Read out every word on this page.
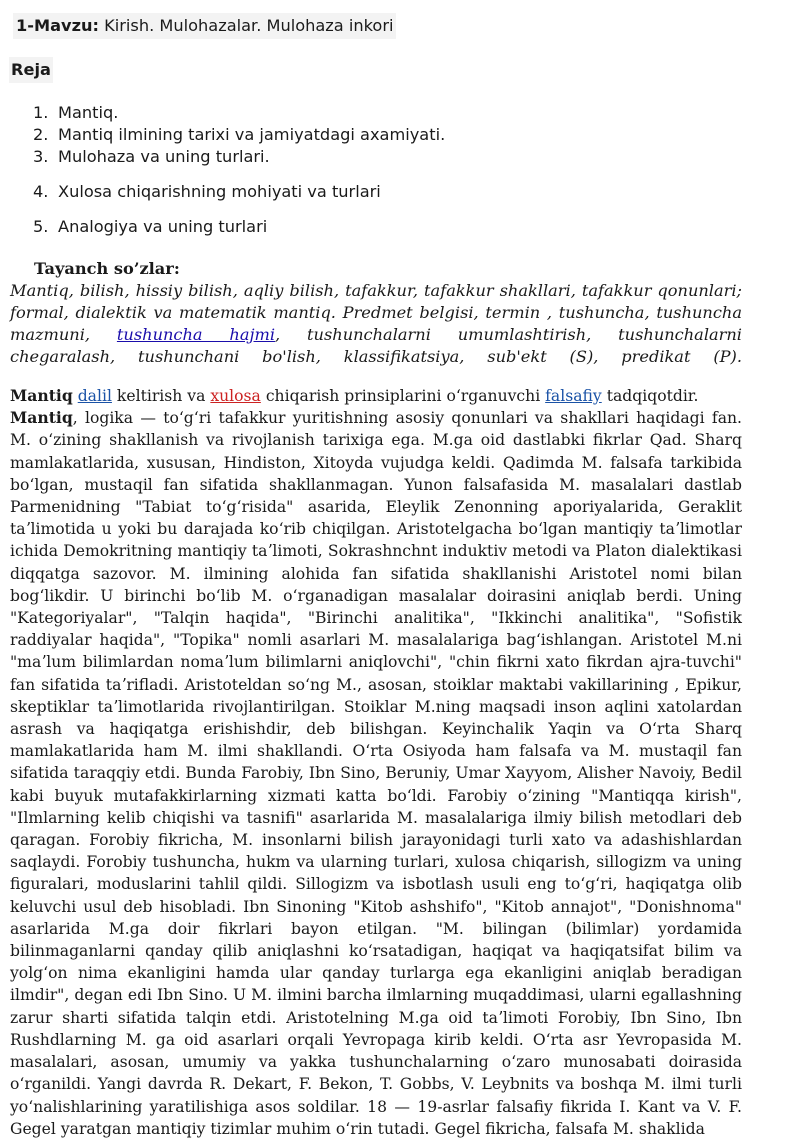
1-Mavzu: Kirish. Mulohazalar. Mulohaza inkori
Reja
1. Mantiq.
2. Mantiq ilmining tarixi va jamiyatdagi axamiyati.
3. Mulohaza va uning turlari.
4. Xulosa chiqarishning mohiyati va turlari
5. Analogiya va uning turlari
Tayanch so’zlar:
Mantiq, bilish, hissiy bilish, aqliy bilish, tafakkur, tafakkur shakllari, tafakkur qonunlari; formal, dialektik va matematik mantiq. Predmet belgisi, termin , tushuncha, tushuncha mazmuni, tushuncha hajmi, tushunchalarni umumlashtirish, tushunchalarni chegaralash, tushunchani bo'lish, klassifikatsiya, sub'ekt (S), predikat (P).

Mantiq dalil keltirish va xulosa chiqarish prinsiplarini oʻrganuvchi falsafiy tadqiqotdir.

Mantiq, logika — toʻgʻri tafakkur yuritishning asosiy qonunlari va shakllari haqidagi fan. M. oʻzining shakllanish va rivojlanish tarixiga ega. M.ga oid dastlabki fikrlar Qad. Sharq mamlakatlarida, xususan, Hindiston, Xitoyda vujudga keldi. Qadimda M. falsafa tarkibida boʻlgan, mustaqil fan sifatida shakllanmagan. Yunon falsafasida M. masalalari dastlab Parmenidning "Tabiat toʻgʻrisida" asarida, Eleylik Zenonning aporiyalarida, Geraklit taʼlimotida u yoki bu darajada koʻrib chiqilgan. Aristotelgacha boʻlgan mantiqiy taʼlimotlar ichida Demokritning mantiqiy taʼlimoti, Sokrashnchnt induktiv metodi va Platon dialektikasi diqqatga sazovor. M. ilmining alohida fan sifatida shakllanishi Aristotel nomi bilan bogʻlikdir. U birinchi boʻlib M. oʻrganadigan masalalar doirasini aniqlab berdi. Uning "Kategoriyalar", "Talqin haqida", "Birinchi analitika", "Ikkinchi analitika", "Sofistik raddiyalar haqida", "Topika" nomli asarlari M. masalalariga bagʻishlangan. Aristotel M.ni "maʼlum bilimlardan nomaʼlum bilimlarni aniqlovchi", "chin fikrni xato fikrdan ajra-tuvchi" fan sifatida taʼrifladi. Aristoteldan soʻng M., asosan, stoiklar maktabi vakillarining , Epikur, skeptiklar taʼlimotlarida rivojlantirilgan. Stoiklar M.ning maqsadi inson aqlini xatolardan asrash va haqiqatga erishishdir, deb bilishgan. Keyinchalik Yaqin va Oʻrta Sharq mamlakatlarida ham M. ilmi shakllandi. Oʻrta Osiyoda ham falsafa va M. mustaqil fan sifatida taraqqiy etdi. Bunda Farobiy, Ibn Sino, Beruniy, Umar Xayyom, Alisher Navoiy, Bedil kabi buyuk mutafakkirlarning xizmati katta boʻldi. Farobiy oʻzining "Mantiqqa kirish", "Ilmlarning kelib chiqishi va tasnifi" asarlarida M. masalalariga ilmiy bilish metodlari deb qaragan. Forobiy fikricha, M. insonlarni bilish jarayonidagi turli xato va adashishlardan saqlaydi. Forobiy tushuncha, hukm va ularning turlari, xulosa chiqarish, sillogizm va uning figuralari, moduslarini tahlil qildi. Sillogizm va isbotlash usuli eng toʻgʻri, haqiqatga olib keluvchi usul deb hisobladi. Ibn Sinoning "Kitob ashshifo", "Kitob annajot", "Donishnoma" asarlarida M.ga doir fikrlari bayon etilgan. "M. bilingan (bilimlar) yordamida bilinmaganlarni qanday qilib aniqlashni koʻrsatadigan, haqiqat va haqiqatsifat bilim va yolgʻon nima ekanligini hamda ular qanday turlarga ega ekanligini aniqlab beradigan ilmdir", degan edi Ibn Sino. U M. ilmini barcha ilmlarning muqaddimasi, ularni egallashning zarur sharti sifatida talqin etdi. Aristotelning M.ga oid taʼlimoti Forobiy, Ibn Sino, Ibn Rushdlarning M. ga oid asarlari orqali Yevropaga kirib keldi. Oʻrta asr Yevropasida M. masalalari, asosan, umumiy va yakka tushunchalarning oʻzaro munosabati doirasida oʻrganildi. Yangi davrda R. Dekart, F. Bekon, T. Gobbs, V. Leybnits va boshqa M. ilmi turli yoʻnalishlarining yaratilishiga asos soldilar. 18 — 19-asrlar falsafiy fikrida I. Kant va V. F. Gegel yaratgan mantiqiy tizimlar muhim oʻrin tutadi. Gegel fikricha, falsafa M. shaklida
